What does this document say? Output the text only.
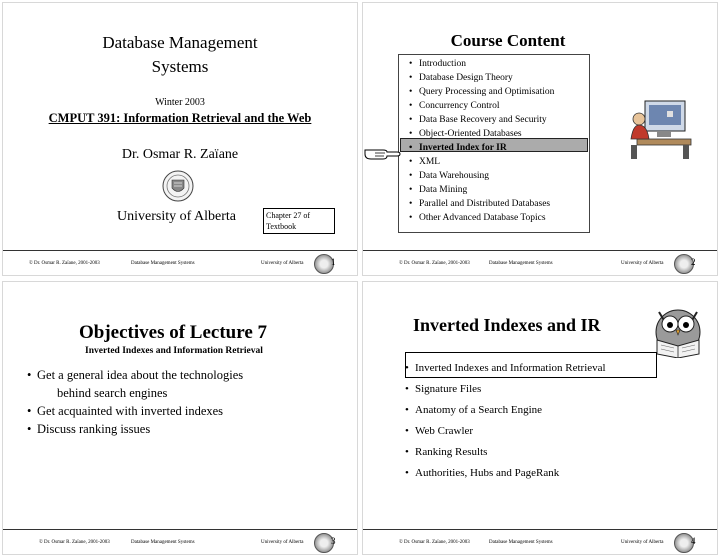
Database Management
Systems
Winter 2003
CMPUT 391: Information Retrieval and the Web
Dr. Osmar R. Zaïane
University of Alberta	Chapter 27 of
Textbook
© Dr. Osmar R. Zaïane, 2001-2003	Database Management Systems	University of Alberta	1
Course Content
• Introduction
• Database Design Theory
• Query Processing and Optimisation
• Concurrency Control
• Data Base Recovery and Security
• Object-Oriented Databases
• Inverted Index for IR
• XML
• Data Warehousing
• Data Mining
• Parallel and Distributed Databases
• Other Advanced Database Topics
© Dr. Osmar R. Zaïane, 2001-2003	Database Management Systems	University of Alberta	2
Objectives of Lecture 7
Inverted Indexes and Information Retrieval
• Get a general idea about the technologies
behind search engines
• Get acquainted with inverted indexes
• Discuss ranking issues
© Dr. Osmar R. Zaïane, 2001-2003	Database Management Systems	University of Alberta	3
Inverted Indexes and IR
• Inverted Indexes and Information Retrieval
• Signature Files
• Anatomy of a Search Engine
• Web Crawler
• Ranking Results
• Authorities, Hubs and PageRank
© Dr. Osmar R. Zaïane, 2001-2003	Database Management Systems	University of Alberta	4
